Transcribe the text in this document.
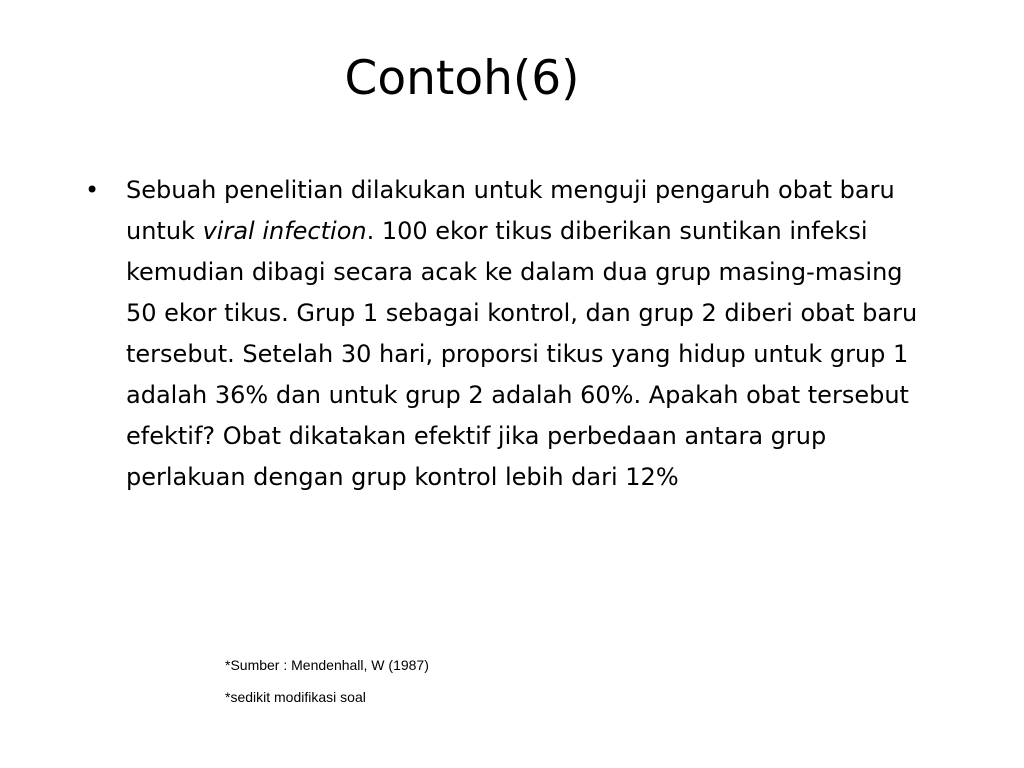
Contoh(6)
•	Sebuah penelitian dilakukan untuk menguji pengaruh obat baru untuk viral infection. 100 ekor tikus diberikan suntikan infeksi kemudian dibagi secara acak ke dalam dua grup masing-masing 50 ekor tikus. Grup 1 sebagai kontrol, dan grup 2 diberi obat baru tersebut. Setelah 30 hari, proporsi tikus yang hidup untuk grup 1 adalah 36% dan untuk grup 2 adalah 60%. Apakah obat tersebut efektif? Obat dikatakan efektif jika perbedaan antara grup perlakuan dengan grup kontrol lebih dari 12%

*Sumber : Mendenhall, W (1987)
*sedikit modifikasi soal
